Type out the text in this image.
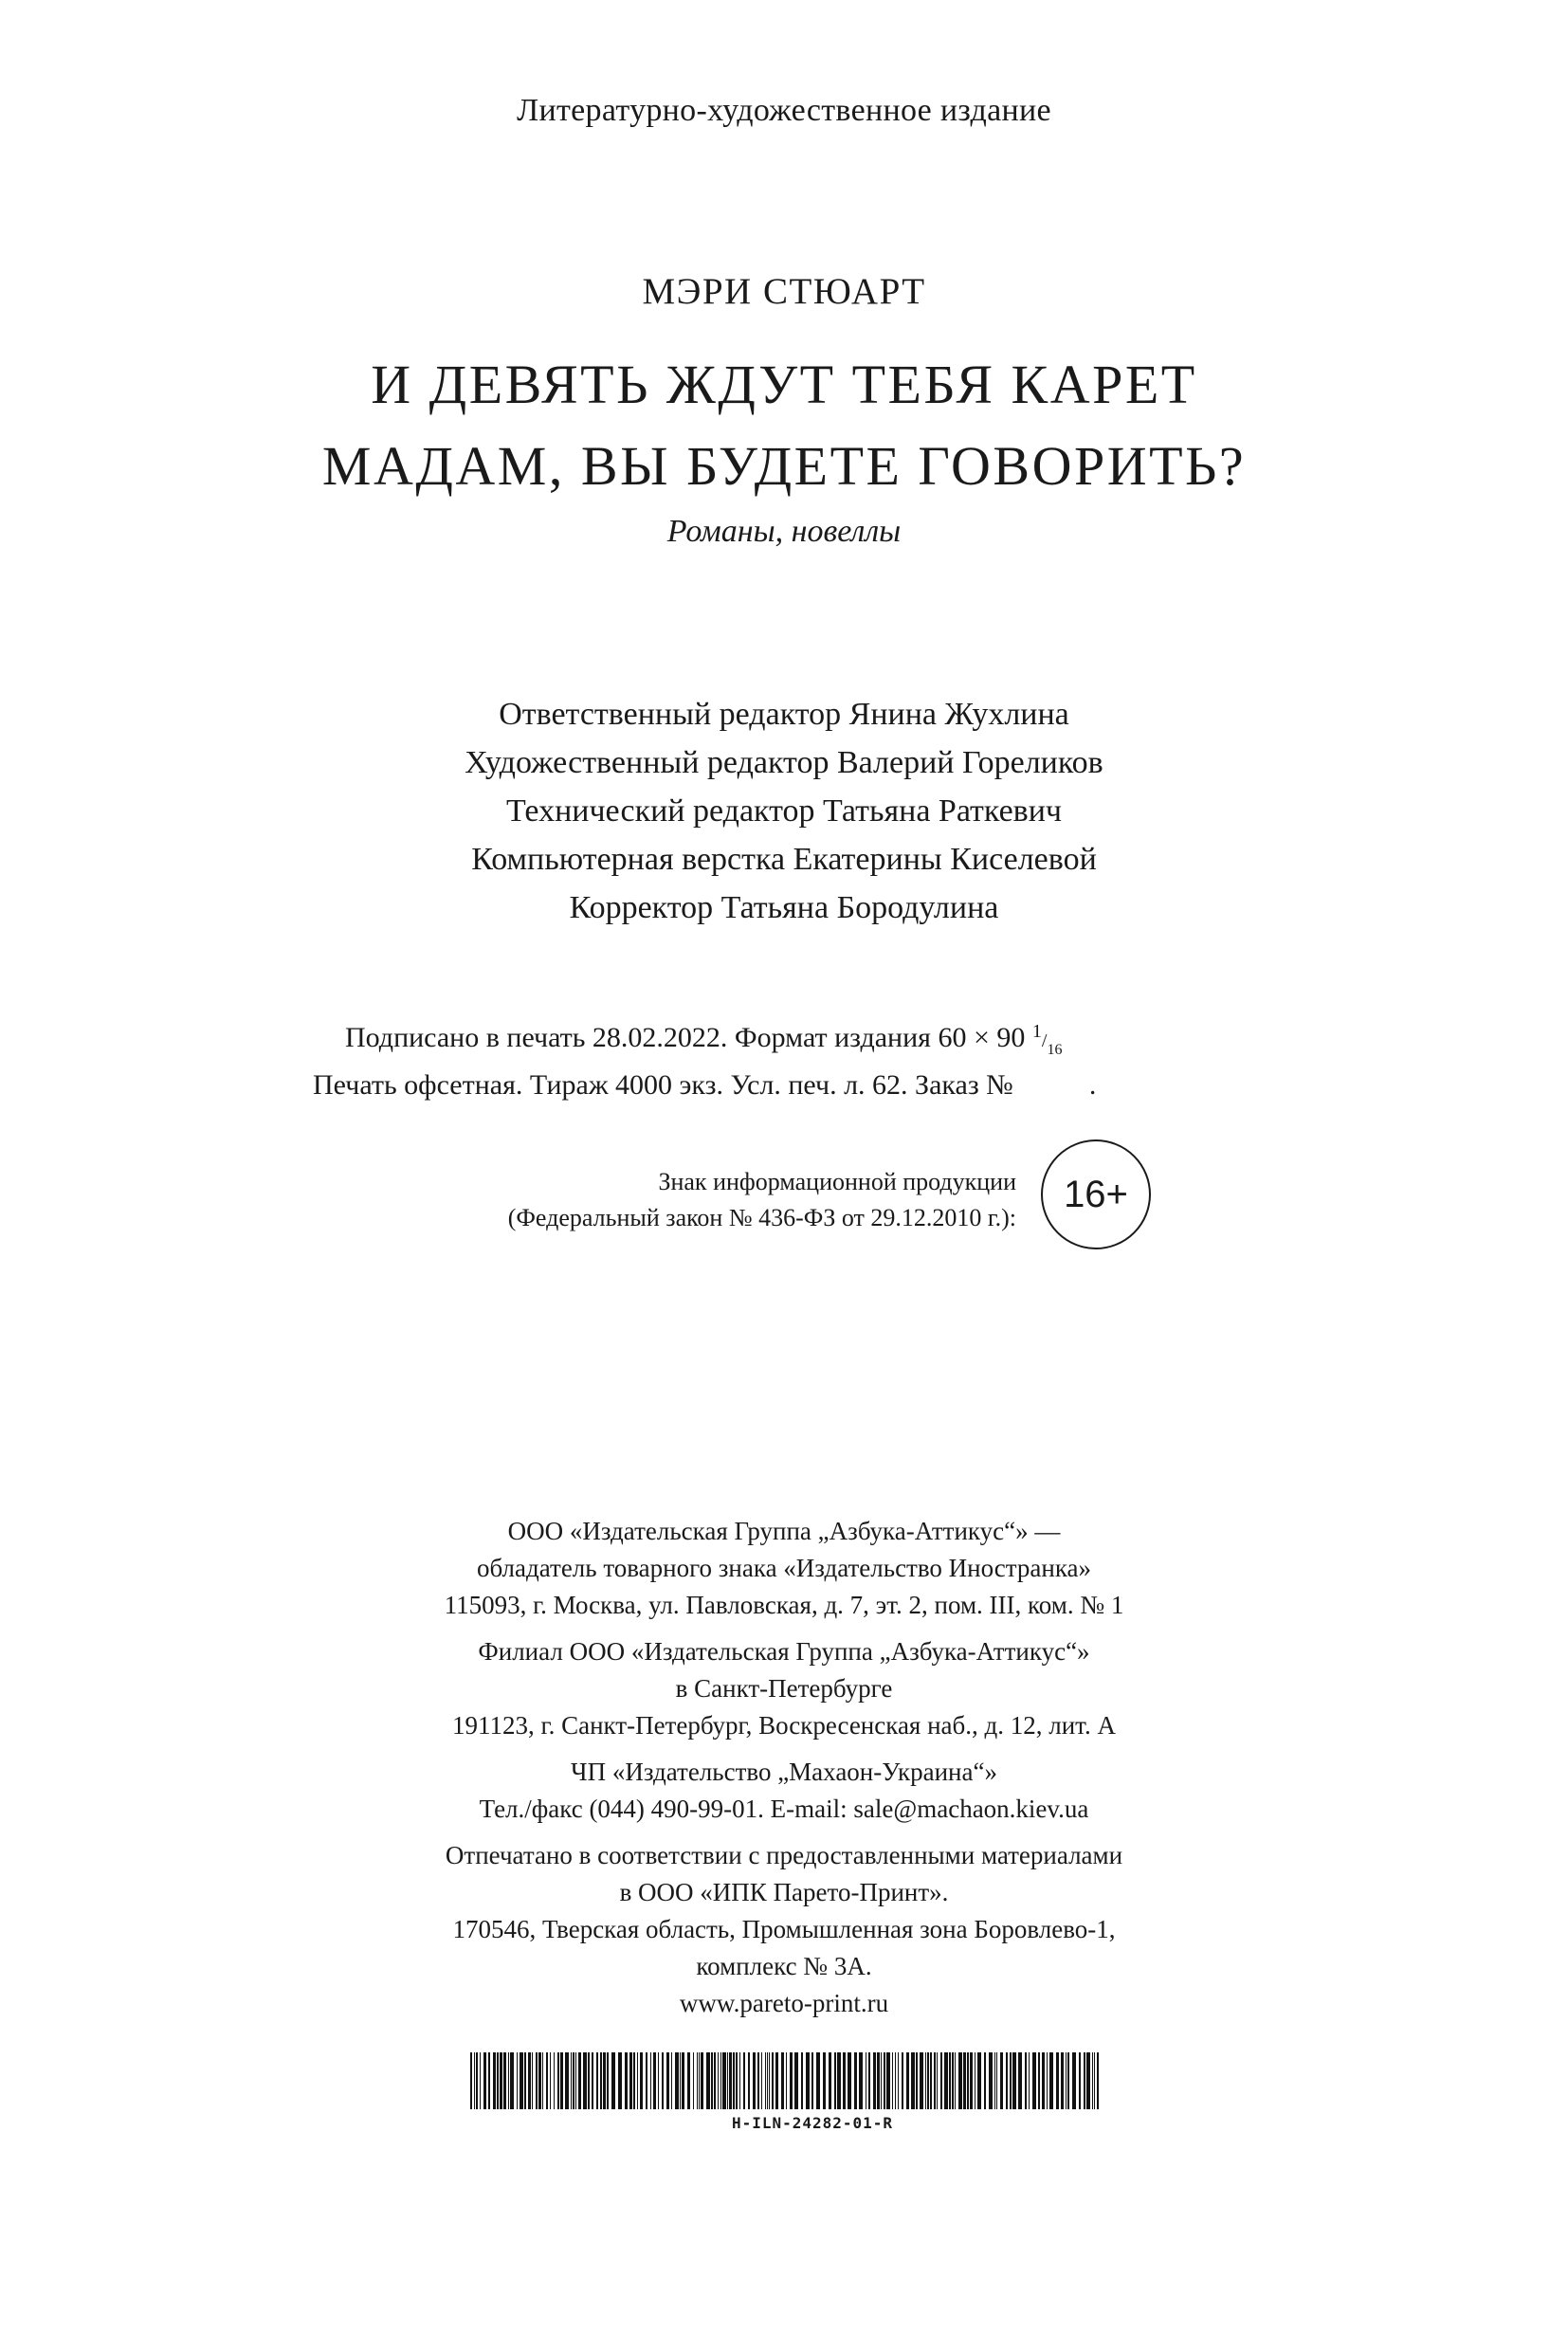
Литературно-художественное издание
МЭРИ СТЮАРТ
И ДЕВЯТЬ ЖДУТ ТЕБЯ КАРЕТ
МАДАМ, ВЫ БУДЕТЕ ГОВОРИТЬ?
Романы, новеллы
Ответственный редактор Янина Жухлина
Художественный редактор Валерий Гореликов
Технический редактор Татьяна Раткевич
Компьютерная верстка Екатерины Киселевой
Корректор Татьяна Бородулина
Подписано в печать 28.02.2022. Формат издания 60 × 90 $1/_{16}$
Печать офсетная. Тираж 4000 экз. Усл. печ. л. 62. Заказ №	.
Знак информационной продукции
(Федеральный закон № 436-ФЗ от 29.12.2010 г.):
16+
ООО «Издательская Группа „Азбука-Аттикус“» —
обладатель товарного знака «Издательство Иностранка»
115093, г. Москва, ул. Павловская, д. 7, эт. 2, пом. III, ком. № 1
Филиал ООО «Издательская Группа „Азбука-Аттикус“»
в Санкт-Петербурге
191123, г. Санкт-Петербург, Воскресенская наб., д. 12, лит. А
ЧП «Издательство „Махаон-Украина“»
Тел./факс (044) 490-99-01. E-mail: sale@machaon.kiev.ua
Отпечатано в соответствии с предоставленными материалами
в ООО «ИПК Парето-Принт».
170546, Тверская область, Промышленная зона Боровлево-1,
комплекс № 3А.
www.pareto-print.ru
H-ILN-24282-01-R
